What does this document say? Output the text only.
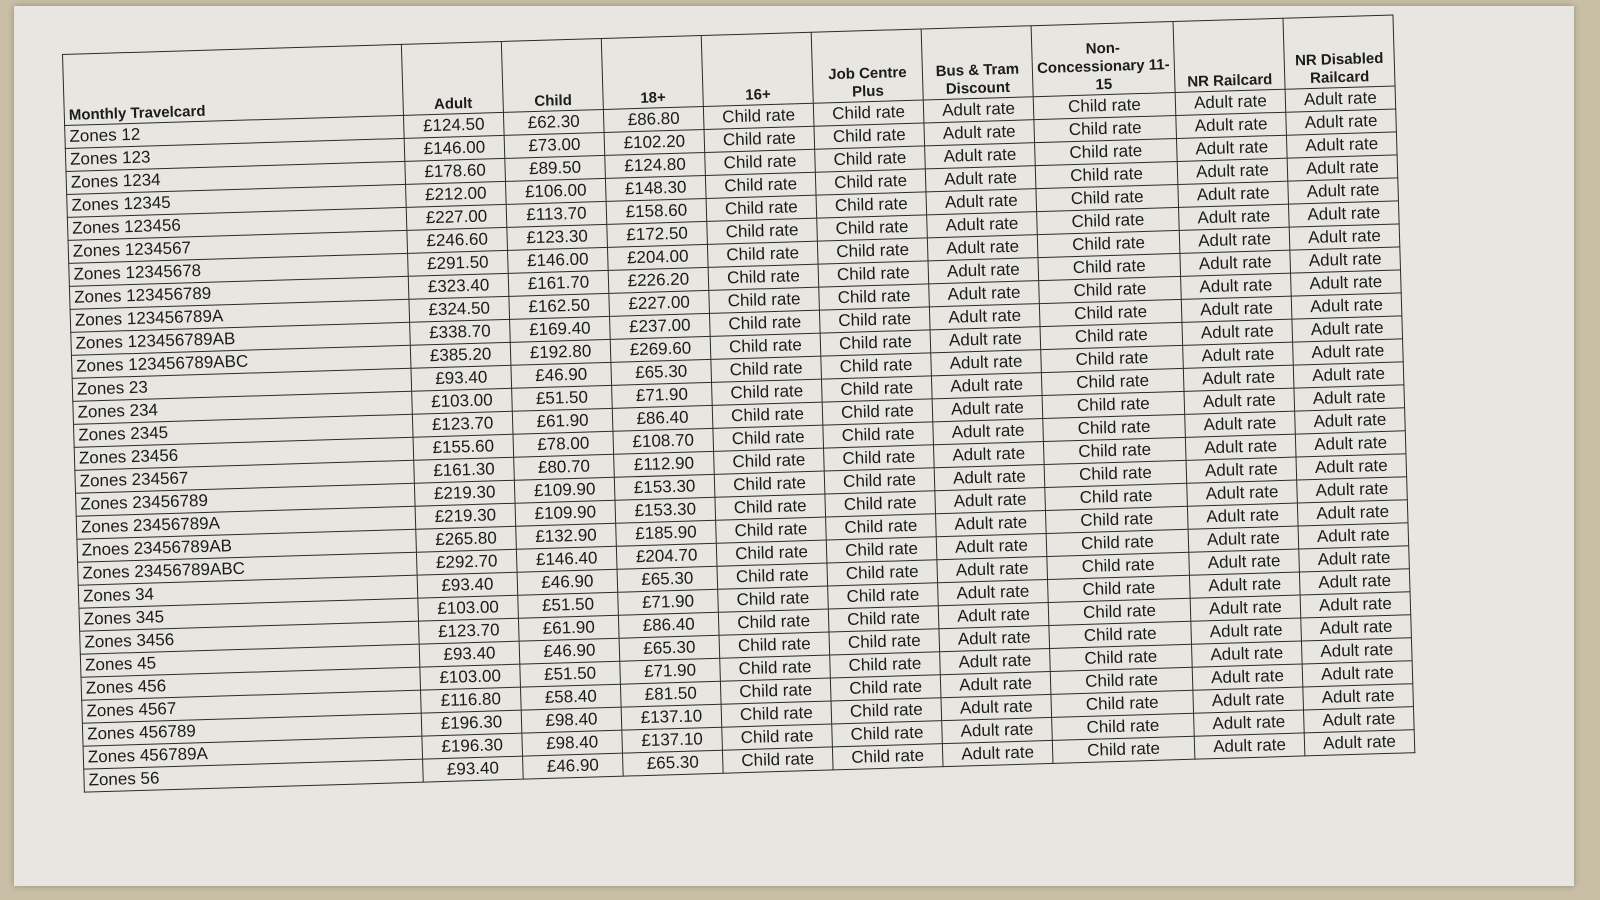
Monthly Travelcard	Adult	Child	18+	16+	Job Centre Plus	Bus & Tram Discount	Non-Concessionary 11-15	NR Railcard	NR Disabled Railcard
Zones 12	£124.50	£62.30	£86.80	Child rate	Child rate	Adult rate	Child rate	Adult rate	Adult rate
Zones 123	£146.00	£73.00	£102.20	Child rate	Child rate	Adult rate	Child rate	Adult rate	Adult rate
Zones 1234	£178.60	£89.50	£124.80	Child rate	Child rate	Adult rate	Child rate	Adult rate	Adult rate
Zones 12345	£212.00	£106.00	£148.30	Child rate	Child rate	Adult rate	Child rate	Adult rate	Adult rate
Zones 123456	£227.00	£113.70	£158.60	Child rate	Child rate	Adult rate	Child rate	Adult rate	Adult rate
Zones 1234567	£246.60	£123.30	£172.50	Child rate	Child rate	Adult rate	Child rate	Adult rate	Adult rate
Zones 12345678	£291.50	£146.00	£204.00	Child rate	Child rate	Adult rate	Child rate	Adult rate	Adult rate
Zones 123456789	£323.40	£161.70	£226.20	Child rate	Child rate	Adult rate	Child rate	Adult rate	Adult rate
Zones 123456789A	£324.50	£162.50	£227.00	Child rate	Child rate	Adult rate	Child rate	Adult rate	Adult rate
Zones 123456789AB	£338.70	£169.40	£237.00	Child rate	Child rate	Adult rate	Child rate	Adult rate	Adult rate
Zones 123456789ABC	£385.20	£192.80	£269.60	Child rate	Child rate	Adult rate	Child rate	Adult rate	Adult rate
Zones 23	£93.40	£46.90	£65.30	Child rate	Child rate	Adult rate	Child rate	Adult rate	Adult rate
Zones 234	£103.00	£51.50	£71.90	Child rate	Child rate	Adult rate	Child rate	Adult rate	Adult rate
Zones 2345	£123.70	£61.90	£86.40	Child rate	Child rate	Adult rate	Child rate	Adult rate	Adult rate
Zones 23456	£155.60	£78.00	£108.70	Child rate	Child rate	Adult rate	Child rate	Adult rate	Adult rate
Zones 234567	£161.30	£80.70	£112.90	Child rate	Child rate	Adult rate	Child rate	Adult rate	Adult rate
Zones 23456789	£219.30	£109.90	£153.30	Child rate	Child rate	Adult rate	Child rate	Adult rate	Adult rate
Zones 23456789A	£219.30	£109.90	£153.30	Child rate	Child rate	Adult rate	Child rate	Adult rate	Adult rate
Znoes 23456789AB	£265.80	£132.90	£185.90	Child rate	Child rate	Adult rate	Child rate	Adult rate	Adult rate
Zones 23456789ABC	£292.70	£146.40	£204.70	Child rate	Child rate	Adult rate	Child rate	Adult rate	Adult rate
Zones 34	£93.40	£46.90	£65.30	Child rate	Child rate	Adult rate	Child rate	Adult rate	Adult rate
Zones 345	£103.00	£51.50	£71.90	Child rate	Child rate	Adult rate	Child rate	Adult rate	Adult rate
Zones 3456	£123.70	£61.90	£86.40	Child rate	Child rate	Adult rate	Child rate	Adult rate	Adult rate
Zones 45	£93.40	£46.90	£65.30	Child rate	Child rate	Adult rate	Child rate	Adult rate	Adult rate
Zones 456	£103.00	£51.50	£71.90	Child rate	Child rate	Adult rate	Child rate	Adult rate	Adult rate
Zones 4567	£116.80	£58.40	£81.50	Child rate	Child rate	Adult rate	Child rate	Adult rate	Adult rate
Zones 456789	£196.30	£98.40	£137.10	Child rate	Child rate	Adult rate	Child rate	Adult rate	Adult rate
Zones 456789A	£196.30	£98.40	£137.10	Child rate	Child rate	Adult rate	Child rate	Adult rate	Adult rate
Zones 56	£93.40	£46.90	£65.30	Child rate	Child rate	Adult rate	Child rate	Adult rate	Adult rate
